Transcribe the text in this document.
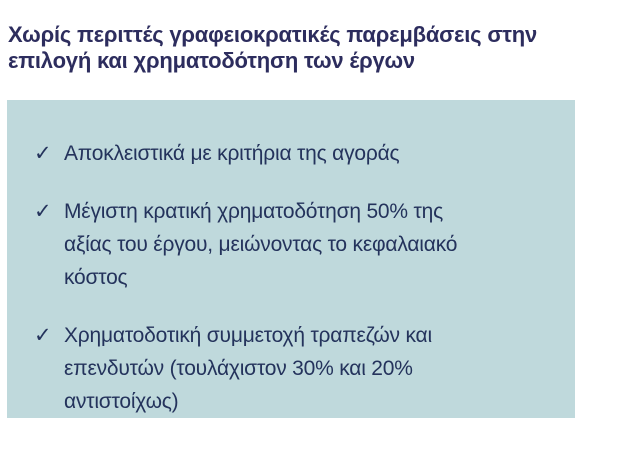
Χωρίς περιττές γραφειοκρατικές παρεμβάσεις στην
επιλογή και χρηματοδότηση των έργων
✓ Αποκλειστικά με κριτήρια της αγοράς
✓ Μέγιστη κρατική χρηματοδότηση 50% της
αξίας του έργου, μειώνοντας το κεφαλαιακό
κόστος
✓ Χρηματοδοτική συμμετοχή τραπεζών και
επενδυτών (τουλάχιστον 30% και 20%
αντιστοίχως)
